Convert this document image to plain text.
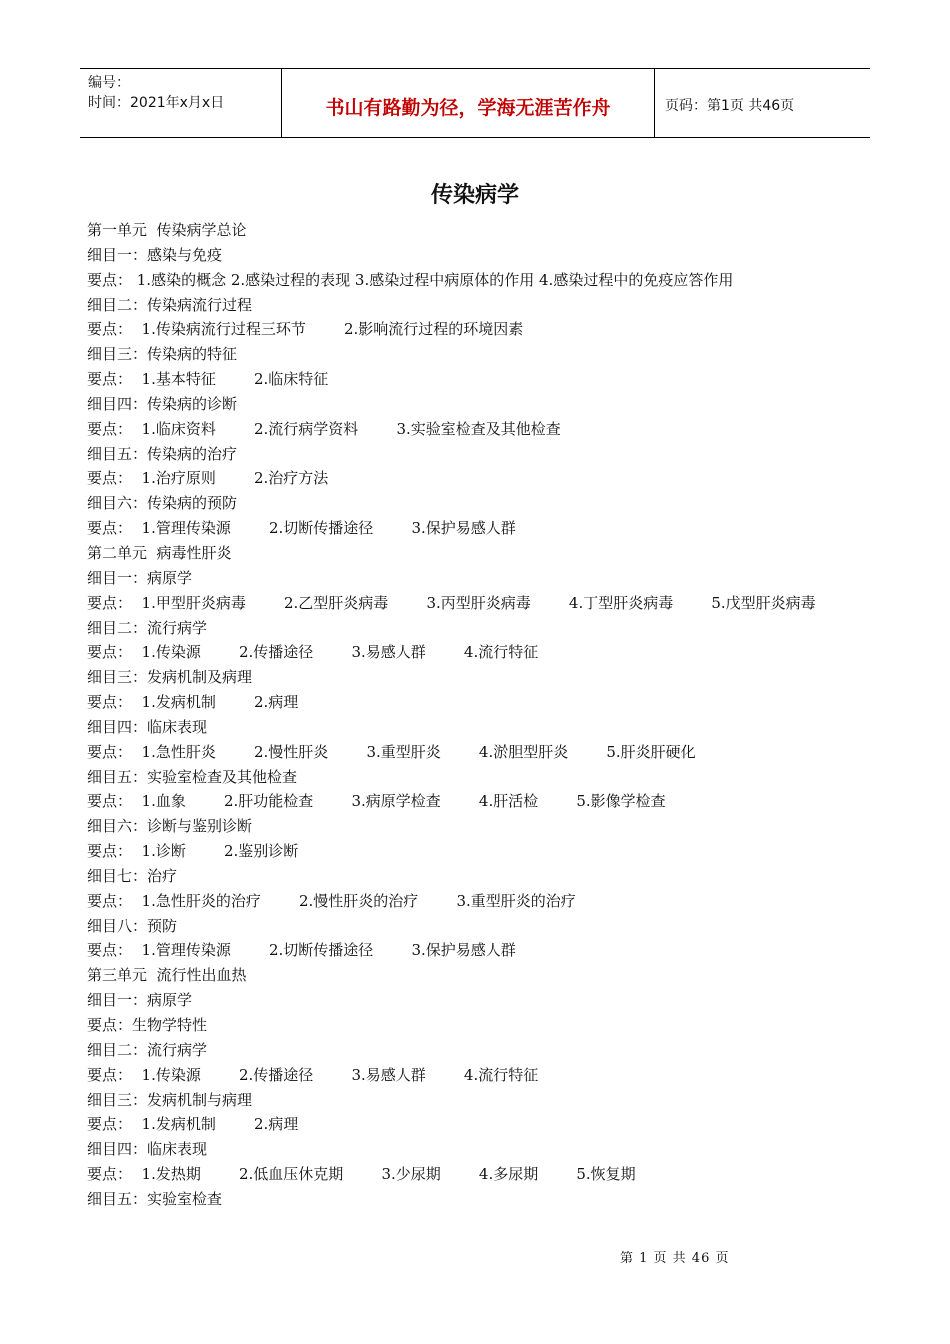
编号：
时间：2021年x月x日	书山有路勤为径，学海无涯苦作舟	页码：第1页 共46页
传染病学
第一单元  传染病学总论
细目一：感染与免疫
要点： 1.感染的概念 2.感染过程的表现 3.感染过程中病原体的作用 4.感染过程中的免疫应答作用
细目二：传染病流行过程
要点：  1.传染病流行过程三环节        2.影响流行过程的环境因素
细目三：传染病的特征
要点：  1.基本特征        2.临床特征
细目四：传染病的诊断
要点：  1.临床资料        2.流行病学资料        3.实验室检查及其他检查
细目五：传染病的治疗
要点：  1.治疗原则        2.治疗方法
细目六：传染病的预防
要点：  1.管理传染源        2.切断传播途径        3.保护易感人群
第二单元  病毒性肝炎
细目一：病原学
要点：  1.甲型肝炎病毒        2.乙型肝炎病毒        3.丙型肝炎病毒        4.丁型肝炎病毒        5.戊型肝炎病毒
细目二：流行病学
要点：  1.传染源        2.传播途径        3.易感人群        4.流行特征
细目三：发病机制及病理
要点：  1.发病机制        2.病理
细目四：临床表现
要点：  1.急性肝炎        2.慢性肝炎        3.重型肝炎        4.淤胆型肝炎        5.肝炎肝硬化
细目五：实验室检查及其他检查
要点：  1.血象        2.肝功能检查        3.病原学检查        4.肝活检        5.影像学检查
细目六：诊断与鉴别诊断
要点：  1.诊断        2.鉴别诊断
细目七：治疗
要点：  1.急性肝炎的治疗        2.慢性肝炎的治疗        3.重型肝炎的治疗
细目八：预防
要点：  1.管理传染源        2.切断传播途径        3.保护易感人群
第三单元  流行性出血热
细目一：病原学
要点：生物学特性
细目二：流行病学
要点：  1.传染源        2.传播途径        3.易感人群        4.流行特征
细目三：发病机制与病理
要点：  1.发病机制        2.病理
细目四：临床表现
要点：  1.发热期        2.低血压休克期        3.少尿期        4.多尿期        5.恢复期
细目五：实验室检查
第 1 页 共 46 页
